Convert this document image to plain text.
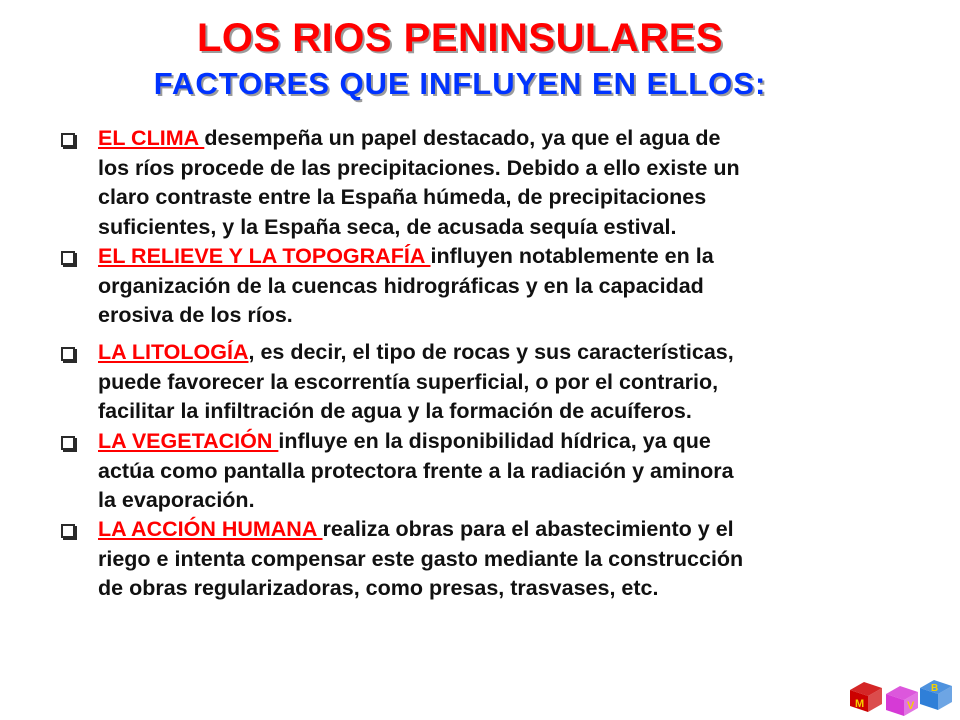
LOS RIOS PENINSULARES
FACTORES QUE INFLUYEN EN ELLOS:
EL CLIMA desempeña un papel destacado, ya que el agua de
los ríos procede de las precipitaciones. Debido a ello existe un
claro contraste entre la España húmeda, de precipitaciones
suficientes, y la España seca, de acusada sequía estival.
EL RELIEVE Y LA TOPOGRAFÍA influyen notablemente en la
organización de la cuencas hidrográficas y en la capacidad
erosiva de los ríos.
LA LITOLOGÍA, es decir, el tipo de rocas y sus características,
puede favorecer la escorrentía superficial, o por el contrario,
facilitar la infiltración de agua y la formación de acuíferos.
LA VEGETACIÓN influye en la disponibilidad hídrica, ya que
actúa como pantalla protectora frente a la radiación y aminora
la evaporación.
LA ACCIÓN HUMANA realiza obras para el abastecimiento y el
riego e intenta compensar este gasto mediante la construcción
de obras regularizadoras, como presas, trasvases, etc.
M	V
B
